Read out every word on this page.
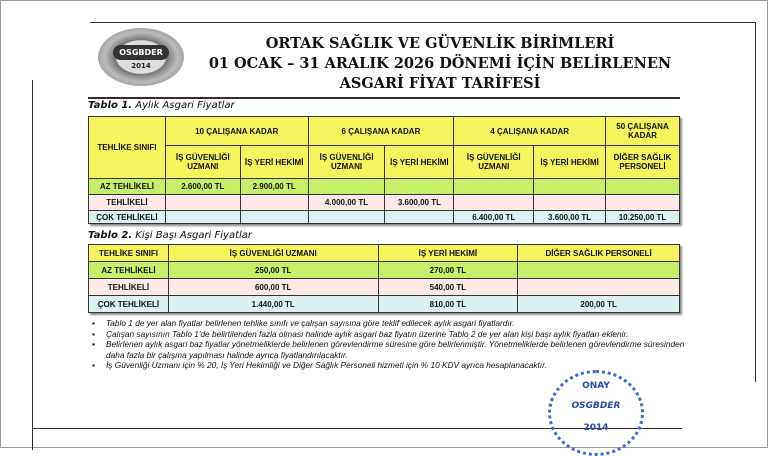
OSGBDER
2014
ORTAK SAĞLIK VE GÜVENLİK BİRİMLERİ
01 OCAK – 31 ARALIK 2026 DÖNEMİ İÇİN BELİRLENEN
ASGARİ FİYAT TARİFESİ
Tablo 1. Aylık Asgari Fiyatlar
TEHLİKE SINIFI	10 ÇALIŞANA KADAR		6 ÇALIŞANA KADAR		4 ÇALIŞANA KADAR		50 ÇALIŞANA KADAR
	İŞ GÜVENLİĞİ UZMANI	İŞ YERİ HEKİMİ	İŞ GÜVENLİĞİ UZMANI	İŞ YERİ HEKİMİ	İŞ GÜVENLİĞİ UZMANI	İŞ YERİ HEKİMİ	DİĞER SAĞLIK PERSONELİ
AZ TEHLİKELİ	2.600,00 TL	2.900,00 TL					
TEHLİKELİ			4.000,00 TL	3.600,00 TL			
ÇOK TEHLİKELİ					6.400,00 TL	3.600,00 TL	10.250,00 TL
Tablo 2. Kişi Başı Asgari Fiyatlar
TEHLİKE SINIFI	İŞ GÜVENLİĞİ UZMANI	İŞ YERİ HEKİMİ	DİĞER SAĞLIK PERSONELİ
AZ TEHLİKELİ	250,00 TL	270,00 TL	
TEHLİKELİ	600,00 TL	540,00 TL	
ÇOK TEHLİKELİ	1.440,00 TL	810,00 TL	200,00 TL
▪ Tablo 1 de yer alan fiyatlar belirlenen tehlike sınıfı ve çalışan sayısına göre teklif edilecek aylık asgari fiyatlardır.
▪ Çalışan sayısının Tablo 1'de belirtilenden fazla olması halinde aylık asgari baz fiyatın üzerine Tablo 2 de yer alan kişi başı aylık fiyatları eklenir.
▪ Belirlenen aylık asgari baz fiyatlar yönetmeliklerde belirlenen görevlendirme süresine göre belirlenmiştir. Yönetmeliklerde belirlenen görevlendirme süresinden daha fazla bir çalışma yapılması halinde ayrıca fiyatlandırılacaktır.
▪ İş Güvenliği Uzmanı için % 20, İş Yeri Hekimliği ve Diğer Sağlık Personeli hizmeti için % 10 KDV ayrıca hesaplanacaktır.
ONAY
OSGBDER
2014
